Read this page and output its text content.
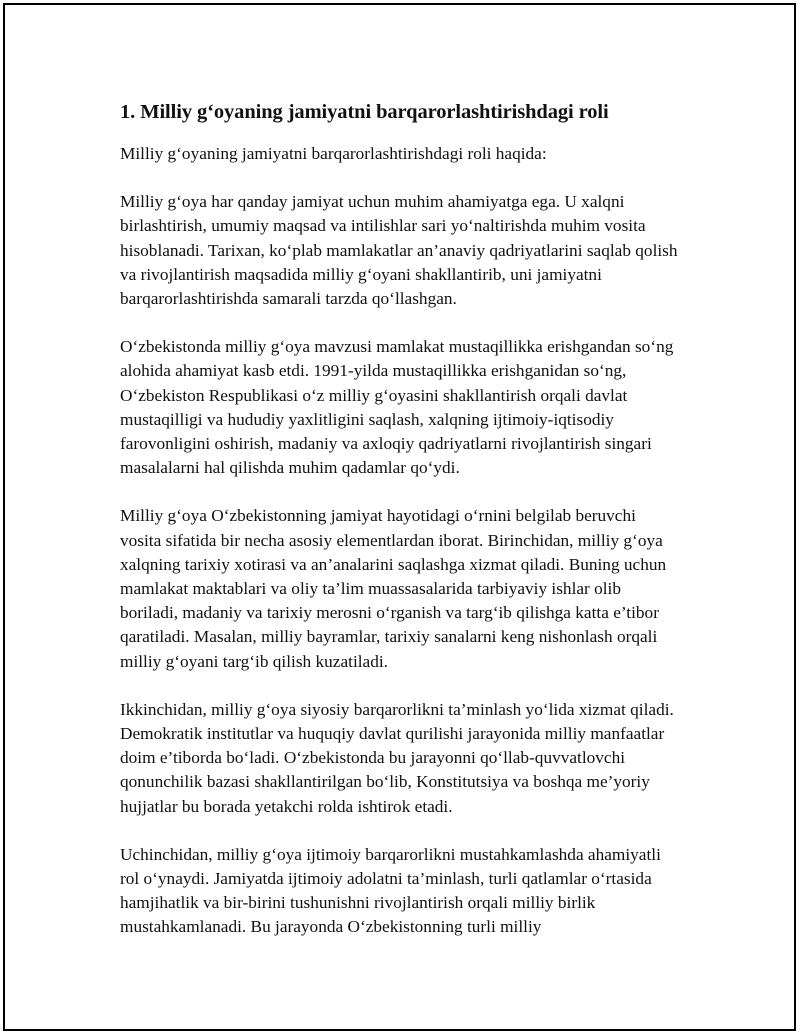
1. Milliy g‘oyaning jamiyatni barqarorlashtirishdagi roli

Milliy g‘oyaning jamiyatni barqarorlashtirishdagi roli haqida:

Milliy g‘oya har qanday jamiyat uchun muhim ahamiyatga ega. U xalqni birlashtirish, umumiy maqsad va intilishlar sari yo‘naltirishda muhim vosita hisoblanadi. Tarixan, ko‘plab mamlakatlar an’anaviy qadriyatlarini saqlab qolish va rivojlantirish maqsadida milliy g‘oyani shakllantirib, uni jamiyatni barqarorlashtirishda samarali tarzda qo‘llashgan.

O‘zbekistonda milliy g‘oya mavzusi mamlakat mustaqillikka erishgandan so‘ng alohida ahamiyat kasb etdi. 1991-yilda mustaqillikka erishganidan so‘ng, O‘zbekiston Respublikasi o‘z milliy g‘oyasini shakllantirish orqali davlat mustaqilligi va hududiy yaxlitligini saqlash, xalqning ijtimoiy-iqtisodiy farovonligini oshirish, madaniy va axloqiy qadriyatlarni rivojlantirish singari masalalarni hal qilishda muhim qadamlar qo‘ydi.

Milliy g‘oya O‘zbekistonning jamiyat hayotidagi o‘rnini belgilab beruvchi vosita sifatida bir necha asosiy elementlardan iborat. Birinchidan, milliy g‘oya xalqning tarixiy xotirasi va an’analarini saqlashga xizmat qiladi. Buning uchun mamlakat maktablari va oliy ta’lim muassasalarida tarbiyaviy ishlar olib boriladi, madaniy va tarixiy merosni o‘rganish va targ‘ib qilishga katta e’tibor qaratiladi. Masalan, milliy bayramlar, tarixiy sanalarni keng nishonlash orqali milliy g‘oyani targ‘ib qilish kuzatiladi.

Ikkinchidan, milliy g‘oya siyosiy barqarorlikni ta’minlash yo‘lida xizmat qiladi. Demokratik institutlar va huquqiy davlat qurilishi jarayonida milliy manfaatlar doim e’tiborda bo‘ladi. O‘zbekistonda bu jarayonni qo‘llab-quvvatlovchi qonunchilik bazasi shakllantirilgan bo‘lib, Konstitutsiya va boshqa me’yoriy hujjatlar bu borada yetakchi rolda ishtirok etadi.

Uchinchidan, milliy g‘oya ijtimoiy barqarorlikni mustahkamlashda ahamiyatli rol o‘ynaydi. Jamiyatda ijtimoiy adolatni ta’minlash, turli qatlamlar o‘rtasida hamjihatlik va bir-birini tushunishni rivojlantirish orqali milliy birlik mustahkamlanadi. Bu jarayonda O‘zbekistonning turli milliy
